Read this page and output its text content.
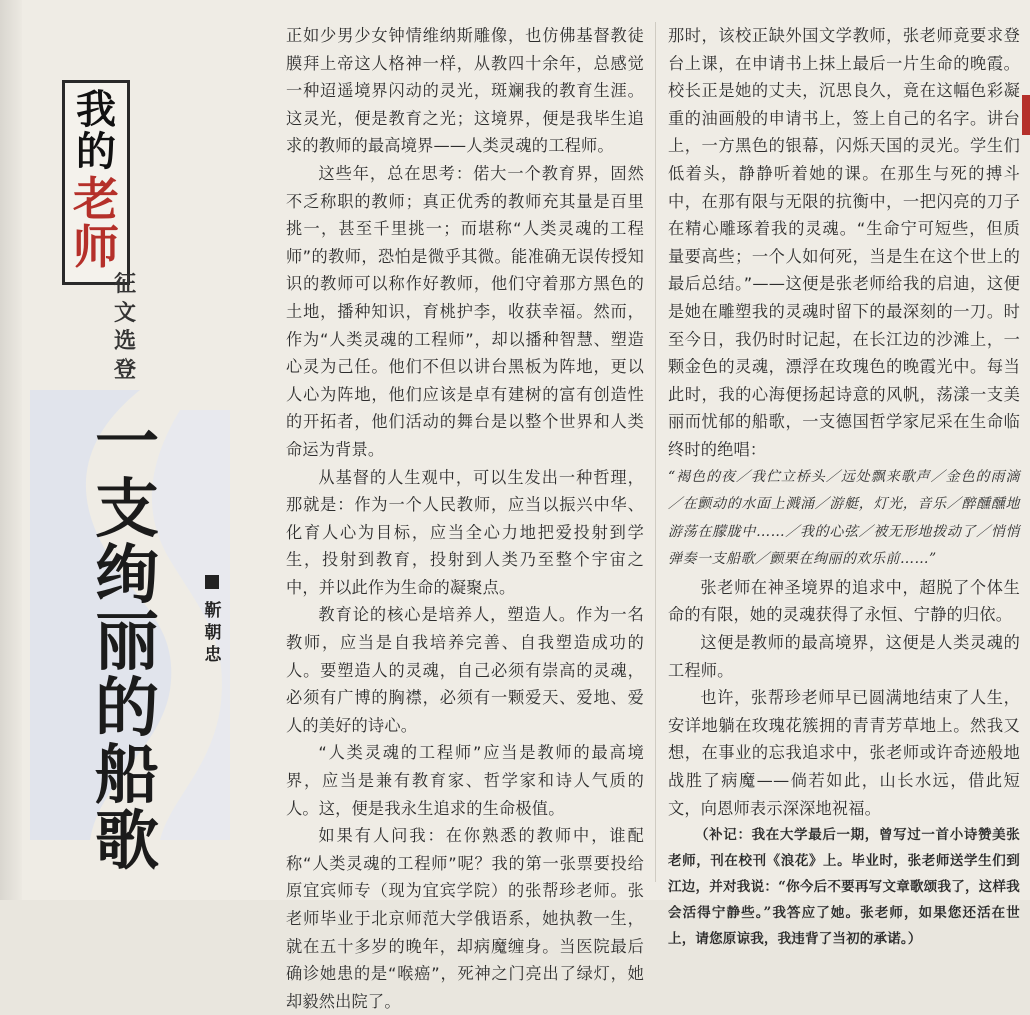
我
的
老
师
征文选登
一支绚丽的船歌
靳朝忠

正如少男少女钟情维纳斯雕像，也仿佛基督教徒膜拜上帝这人格神一样，从教四十余年，总感觉一种迢遥境界闪动的灵光，斑斓我的教育生涯。这灵光，便是教育之光；这境界，便是我毕生追求的教师的最高境界——人类灵魂的工程师。

这些年，总在思考：偌大一个教育界，固然不乏称职的教师；真正优秀的教师充其量是百里挑一，甚至千里挑一；而堪称“人类灵魂的工程师”的教师，恐怕是微乎其微。能准确无误传授知识的教师可以称作好教师，他们守着那方黑色的土地，播种知识，育桃护李，收获幸福。然而，作为“人类灵魂的工程师”，却以播种智慧、塑造心灵为己任。他们不但以讲台黑板为阵地，更以人心为阵地，他们应该是卓有建树的富有创造性的开拓者，他们活动的舞台是以整个世界和人类命运为背景。

从基督的人生观中，可以生发出一种哲理，那就是：作为一个人民教师，应当以振兴中华、化育人心为目标，应当全心力地把爱投射到学生，投射到教育，投射到人类乃至整个宇宙之中，并以此作为生命的凝聚点。

教育论的核心是培养人，塑造人。作为一名教师，应当是自我培养完善、自我塑造成功的人。要塑造人的灵魂，自己必须有崇高的灵魂，必须有广博的胸襟，必须有一颗爱天、爱地、爱人的美好的诗心。

“人类灵魂的工程师”应当是教师的最高境界，应当是兼有教育家、哲学家和诗人气质的人。这，便是我永生追求的生命极值。

如果有人问我：在你熟悉的教师中，谁配称“人类灵魂的工程师”呢？我的第一张票要投给原宜宾师专（现为宜宾学院）的张帮珍老师。张老师毕业于北京师范大学俄语系，她执教一生，就在五十多岁的晚年，却病魔缠身。当医院最后确诊她患的是“喉癌”，死神之门亮出了绿灯，她却毅然出院了。

那时，该校正缺外国文学教师，张老师竟要求登台上课，在申请书上抹上最后一片生命的晚霞。校长正是她的丈夫，沉思良久，竟在这幅色彩凝重的油画般的申请书上，签上自己的名字。讲台上，一方黑色的银幕，闪烁天国的灵光。学生们低着头，静静听着她的课。在那生与死的搏斗中，在那有限与无限的抗衡中，一把闪亮的刀子在精心雕琢着我的灵魂。“生命宁可短些，但质量要高些；一个人如何死，当是生在这个世上的最后总结。”——这便是张老师给我的启迪，这便是她在雕塑我的灵魂时留下的最深刻的一刀。时至今日，我仍时时记起，在长江边的沙滩上，一颗金色的灵魂，漂浮在玫瑰色的晚霞光中。每当此时，我的心海便扬起诗意的风帆，荡漾一支美丽而忧郁的船歌，一支德国哲学家尼采在生命临终时的绝唱：

“褐色的夜／我伫立桥头／远处飘来歌声／金色的雨滴／在颤动的水面上溅涌／游艇，灯光，音乐／醉醺醺地游荡在朦胧中……／我的心弦／被无形地拨动了／悄悄弹奏一支船歌／颤栗在绚丽的欢乐前……”

张老师在神圣境界的追求中，超脱了个体生命的有限，她的灵魂获得了永恒、宁静的归依。

这便是教师的最高境界，这便是人类灵魂的工程师。

也许，张帮珍老师早已圆满地结束了人生，安详地躺在玫瑰花簇拥的青青芳草地上。然我又想，在事业的忘我追求中，张老师或许奇迹般地战胜了病魔——倘若如此，山长水远，借此短文，向恩师表示深深地祝福。

（补记：我在大学最后一期，曾写过一首小诗赞美张老师，刊在校刊《浪花》上。毕业时，张老师送学生们到江边，并对我说：“你今后不要再写文章歌颂我了，这样我会活得宁静些。”我答应了她。张老师，如果您还活在世上，请您原谅我，我违背了当初的承诺。）
